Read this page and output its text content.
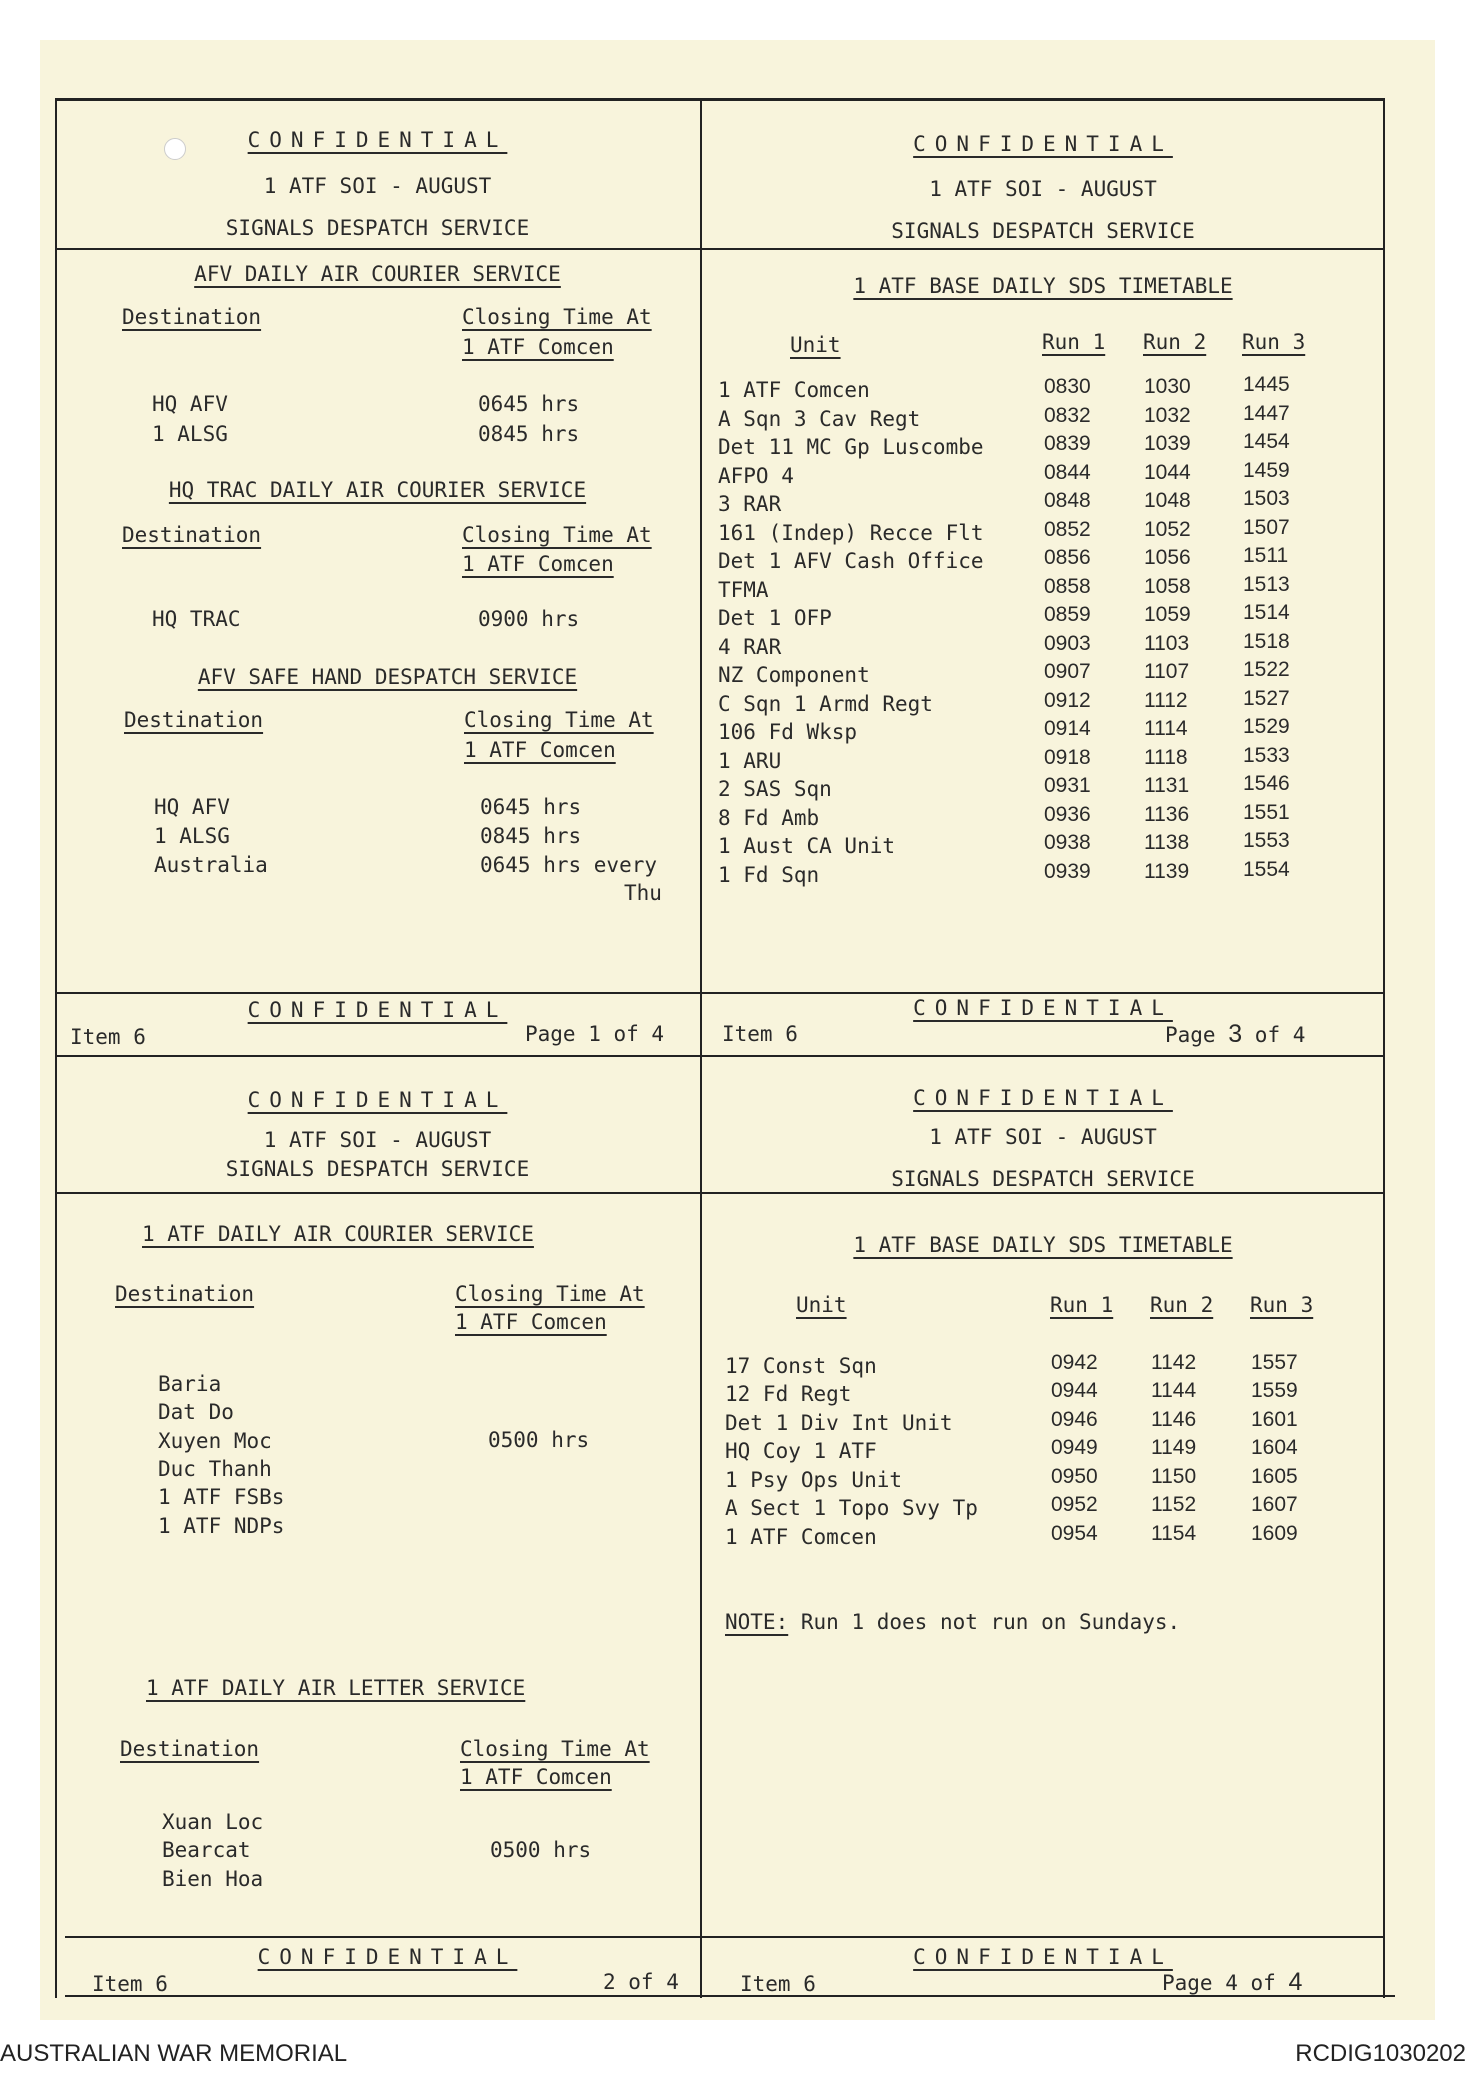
CONFIDENTIAL
1 ATF SOI - AUGUST
SIGNALS DESPATCH SERVICE
AFV DAILY AIR COURIER SERVICE
Destination	Closing Time At
1 ATF Comcen
HQ AFV	0645 hrs
1 ALSG	0845 hrs
HQ TRAC DAILY AIR COURIER SERVICE
Destination	Closing Time At
1 ATF Comcen
HQ TRAC	0900 hrs
AFV SAFE HAND DESPATCH SERVICE
Destination	Closing Time At
1 ATF Comcen
HQ AFV	0645 hrs
1 ALSG	0845 hrs
Australia	0645 hrs every
Thu
CONFIDENTIAL
Item 6	Page 1 of 4
CONFIDENTIAL
1 ATF SOI - AUGUST
SIGNALS DESPATCH SERVICE
1 ATF BASE DAILY SDS TIMETABLE
Unit	Run 1 Run 2 Run 3
1 ATF Comcen	0830	1030 1445
A Sqn 3 Cav Regt	0832	1032 1447
Det 11 MC Gp Luscombe	0839	1039 1454
AFPO 4	0844	1044 1459
3 RAR	0848	1048 1503
161 (Indep) Recce Flt	0852	1052 1507
Det 1 AFV Cash Office	0856	1056 1511
TFMA	0858	1058 1513
Det 1 OFP	0859	1059 1514
4 RAR	0903	1103	1518
NZ Component	0907	1107	1522
C Sqn 1 Armd Regt	0912	1112	1527
106 Fd Wksp	0914	1114	1529
1 ARU	0918	1118	1533
2 SAS Sqn	0931	1131	1546
8 Fd Amb	0936	1136	1551
1 Aust CA Unit	0938	1138	1553
1 Fd Sqn	0939	1139	1554
CONFIDENTIAL
Item 6	Page 3 of 4
CONFIDENTIAL
1 ATF SOI - AUGUST
SIGNALS DESPATCH SERVICE
1 ATF DAILY AIR COURIER SERVICE
Destination	Closing Time At
1 ATF Comcen
Baria
Dat Do
Xuyen Moc
Duc Thanh
1 ATF FSBs
1 ATF NDPs
0500 hrs
1 ATF DAILY AIR LETTER SERVICE
Destination	Closing Time At
1 ATF Comcen
Xuan Loc
Bearcat
Bien Hoa
0500 hrs
CONFIDENTIAL
Item 6	2 of 4
CONFIDENTIAL
1 ATF SOI - AUGUST
SIGNALS DESPATCH SERVICE
1 ATF BASE DAILY SDS TIMETABLE
Unit	Run 1 Run 2 Run 3
17 Const Sqn	0942	1142	1557
12 Fd Regt	0944	1144	1559
Det 1 Div Int Unit	0946	1146	1601
HQ Coy 1 ATF	0949	1149	1604
1 Psy Ops Unit	0950	1150	1605
A Sect 1 Topo Svy Tp	0952	1152	1607
1 ATF Comcen	0954	1154	1609
NOTE: Run 1 does not run on Sundays.
CONFIDENTIAL
Item 6	Page 4 of 4
AUSTRALIAN WAR MEMORIAL	RCDIG1030202
